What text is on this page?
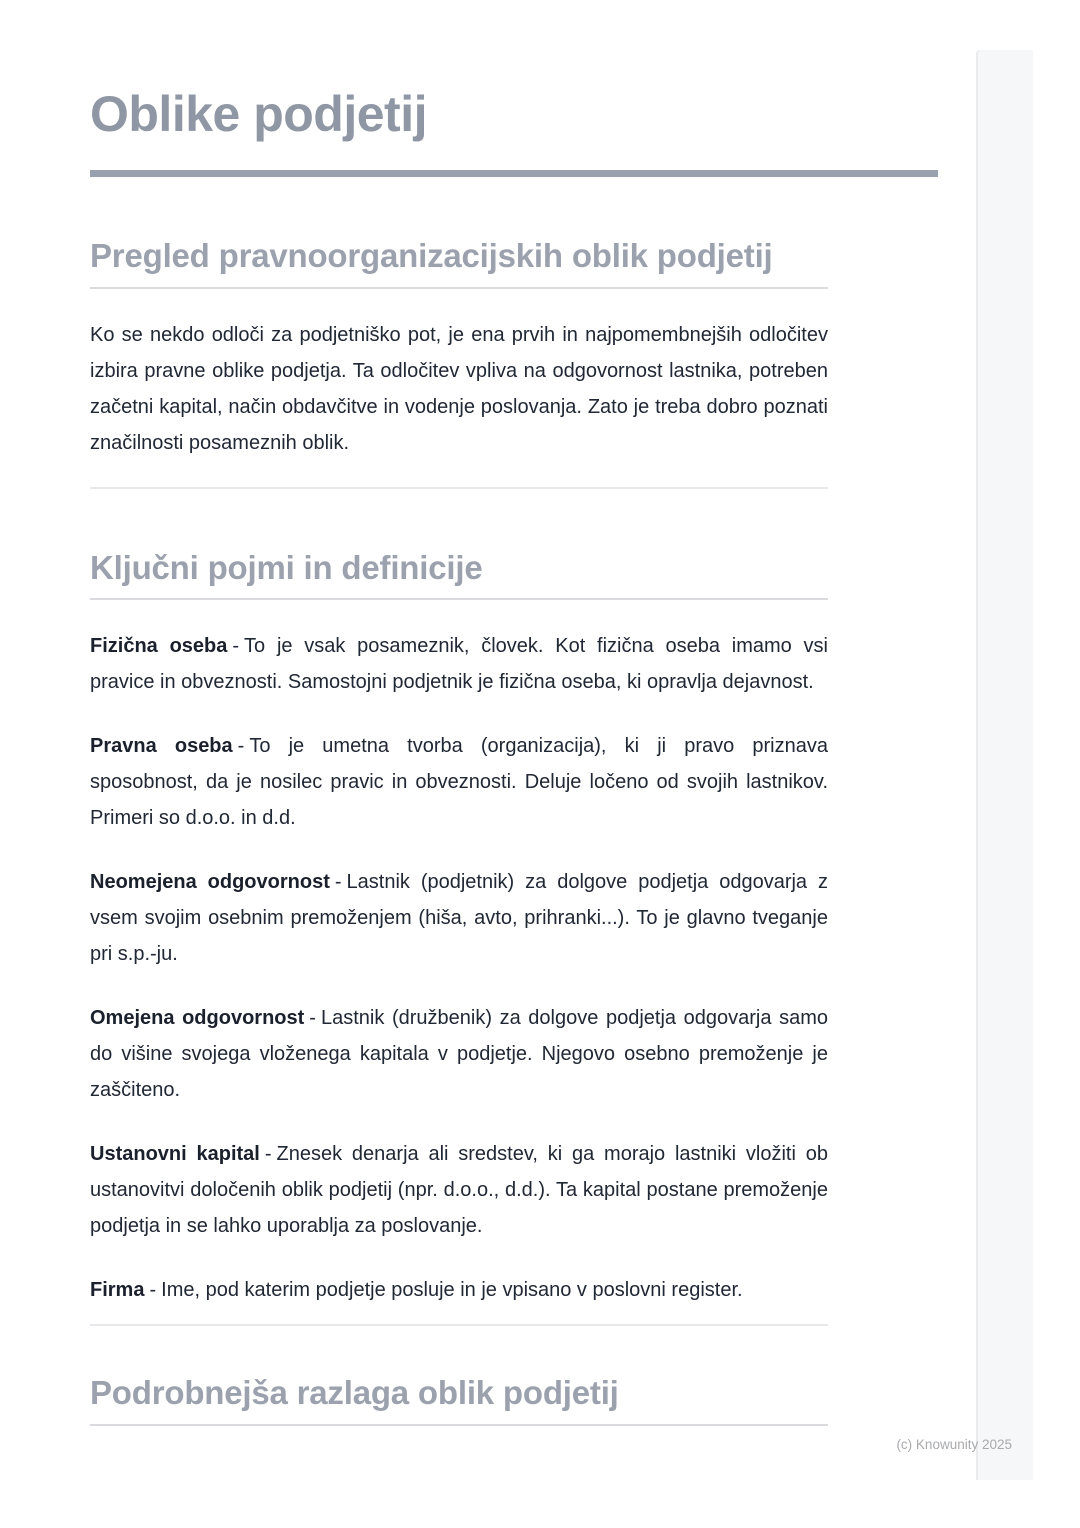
Oblike podjetij
Pregled pravnoorganizacijskih oblik podjetij

Ko se nekdo odloči za podjetniško pot, je ena prvih in najpomembnejših odločitev izbira pravne oblike podjetja. Ta odločitev vpliva na odgovornost lastnika, potreben začetni kapital, način obdavčitve in vodenje poslovanja. Zato je treba dobro poznati značilnosti posameznih oblik.

Ključni pojmi in definicije

Fizična oseba - To je vsak posameznik, človek. Kot fizična oseba imamo vsi pravice in obveznosti. Samostojni podjetnik je fizična oseba, ki opravlja dejavnost.

Pravna oseba - To je umetna tvorba (organizacija), ki ji pravo priznava sposobnost, da je nosilec pravic in obveznosti. Deluje ločeno od svojih lastnikov. Primeri so d.o.o. in d.d.

Neomejena odgovornost - Lastnik (podjetnik) za dolgove podjetja odgovarja z vsem svojim osebnim premoženjem (hiša, avto, prihranki...). To je glavno tveganje pri s.p.-ju.

Omejena odgovornost - Lastnik (družbenik) za dolgove podjetja odgovarja samo do višine svojega vloženega kapitala v podjetje. Njegovo osebno premoženje je zaščiteno.

Ustanovni kapital - Znesek denarja ali sredstev, ki ga morajo lastniki vložiti ob ustanovitvi določenih oblik podjetij (npr. d.o.o., d.d.). Ta kapital postane premoženje podjetja in se lahko uporablja za poslovanje.

Firma - Ime, pod katerim podjetje posluje in je vpisano v poslovni register.

Podrobnejša razlaga oblik podjetij
(c) Knowunity 2025
